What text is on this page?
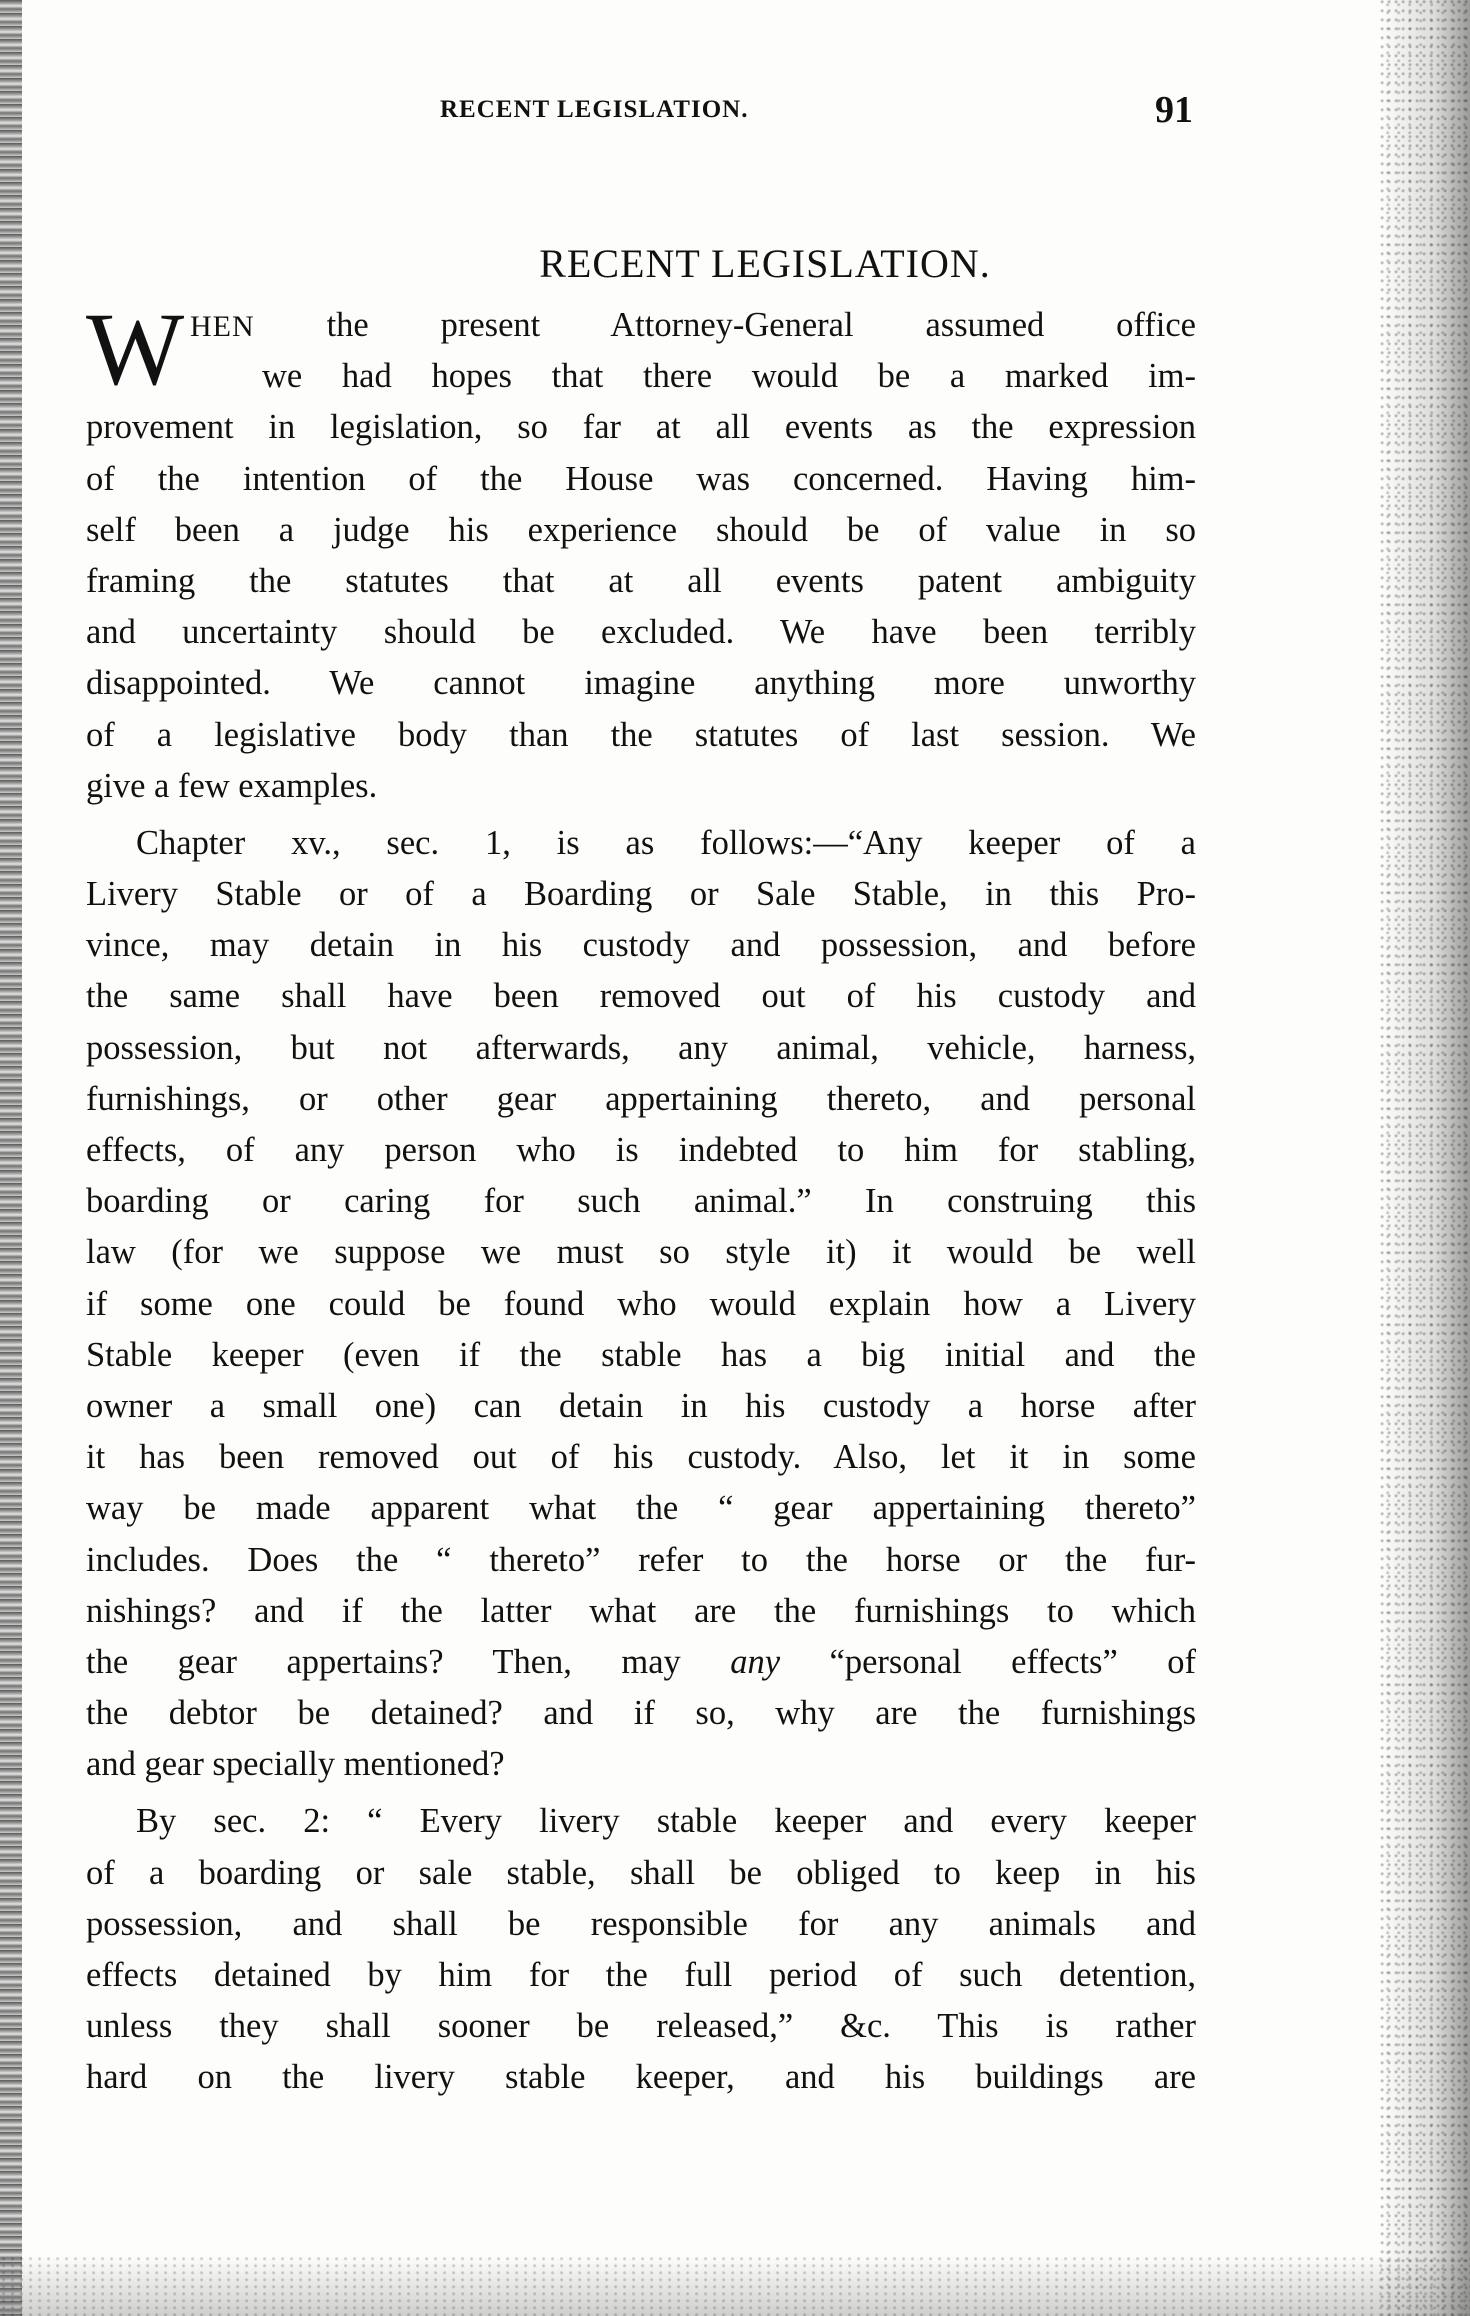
RECENT LEGISLATION.	91
RECENT LEGISLATION.
W HEN the present Attorney-General assumed office
we had hopes that there would be a marked im-
provement in legislation, so far at all events as the expression
of the intention of the House was concerned. Having him-
self been a judge his experience should be of value in so
framing the statutes that at all events patent ambiguity
and uncertainty should be excluded. We have been terribly
disappointed. We cannot imagine anything more unworthy
of a legislative body than the statutes of last session. We
give a few examples.
Chapter xv., sec. 1, is as follows:—“Any keeper of a
Livery Stable or of a Boarding or Sale Stable, in this Pro-
vince, may detain in his custody and possession, and before
the same shall have been removed out of his custody and
possession, but not afterwards, any animal, vehicle, harness,
furnishings, or other gear appertaining thereto, and personal
effects, of any person who is indebted to him for stabling,
boarding or caring for such animal.” In construing this
law (for we suppose we must so style it) it would be well
if some one could be found who would explain how a Livery
Stable keeper (even if the stable has a big initial and the
owner a small one) can detain in his custody a horse after
it has been removed out of his custody. Also, let it in some
way be made apparent what the “ gear appertaining thereto”
includes. Does the “ thereto” refer to the horse or the fur-
nishings? and if the latter what are the furnishings to which
the gear appertains? Then, may any “personal effects” of
the debtor be detained? and if so, why are the furnishings
and gear specially mentioned?
By sec. 2: “ Every livery stable keeper and every keeper
of a boarding or sale stable, shall be obliged to keep in his
possession, and shall be responsible for any animals and
effects detained by him for the full period of such detention,
unless they shall sooner be released,” &c. This is rather
hard on the livery stable keeper, and his buildings are
